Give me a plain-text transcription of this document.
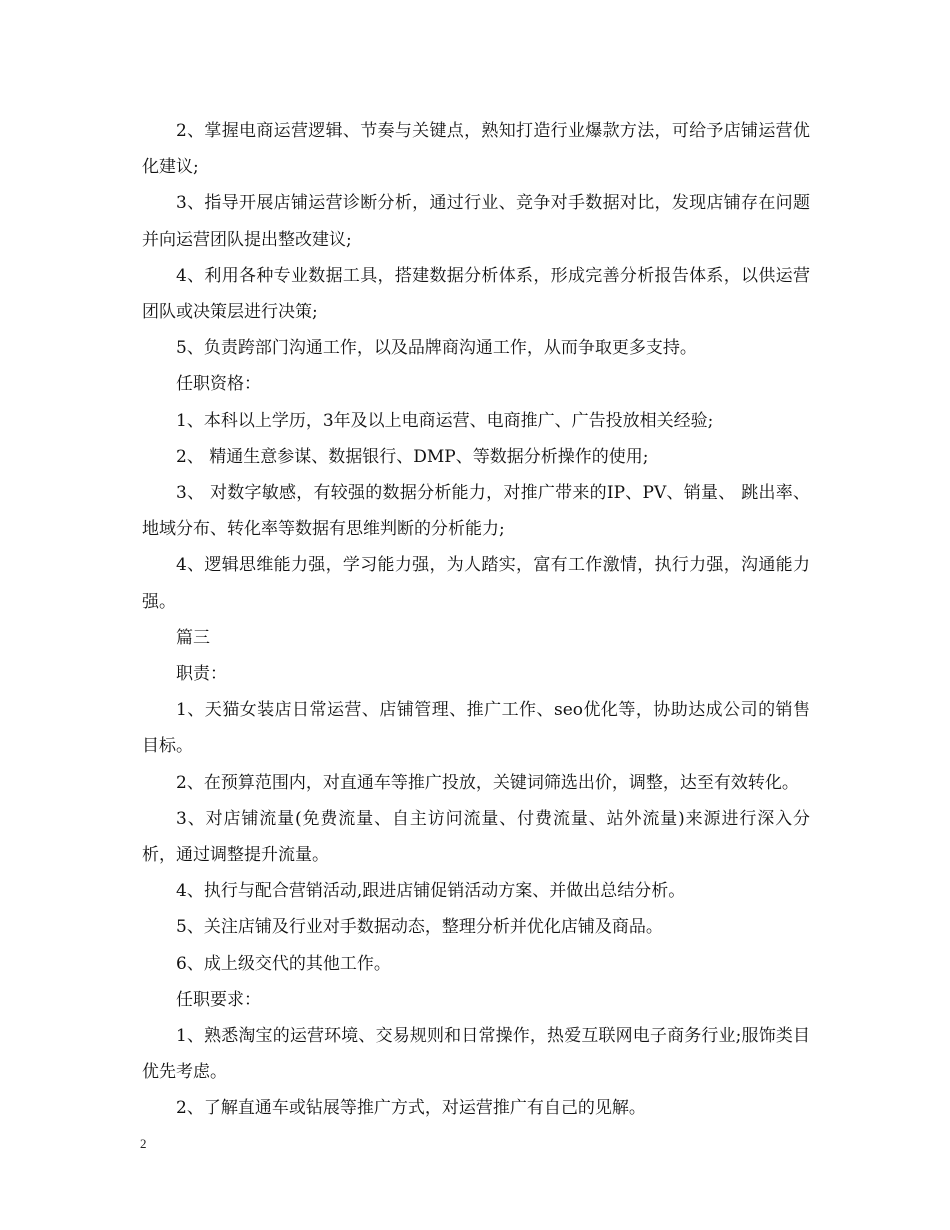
2、掌握电商运营逻辑、节奏与关键点，熟知打造行业爆款方法，可给予店铺运营优化建议;

3、指导开展店铺运营诊断分析，通过行业、竞争对手数据对比，发现店铺存在问题并向运营团队提出整改建议;

4、利用各种专业数据工具，搭建数据分析体系，形成完善分析报告体系，以供运营团队或决策层进行决策;

5、负责跨部门沟通工作，以及品牌商沟通工作，从而争取更多支持。

任职资格：

1、本科以上学历，3年及以上电商运营、电商推广、广告投放相关经验;

2、 精通生意参谋、数据银行、DMP、等数据分析操作的使用;

3、 对数字敏感，有较强的数据分析能力，对推广带来的IP、PV、销量、 跳出率、地域分布、转化率等数据有思维判断的分析能力;

4、逻辑思维能力强，学习能力强，为人踏实，富有工作激情，执行力强，沟通能力强。

篇三

职责：

1、天猫女装店日常运营、店铺管理、推广工作、seo优化等，协助达成公司的销售目标。

2、在预算范围内，对直通车等推广投放，关键词筛选出价，调整，达至有效转化。

3、对店铺流量(免费流量、自主访问流量、付费流量、站外流量)来源进行深入分析，通过调整提升流量。

4、执行与配合营销活动,跟进店铺促销活动方案、并做出总结分析。

5、关注店铺及行业对手数据动态，整理分析并优化店铺及商品。

6、成上级交代的其他工作。

任职要求：

1、熟悉淘宝的运营环境、交易规则和日常操作，热爱互联网电子商务行业;服饰类目优先考虑。

2、了解直通车或钻展等推广方式，对运营推广有自己的见解。

2
